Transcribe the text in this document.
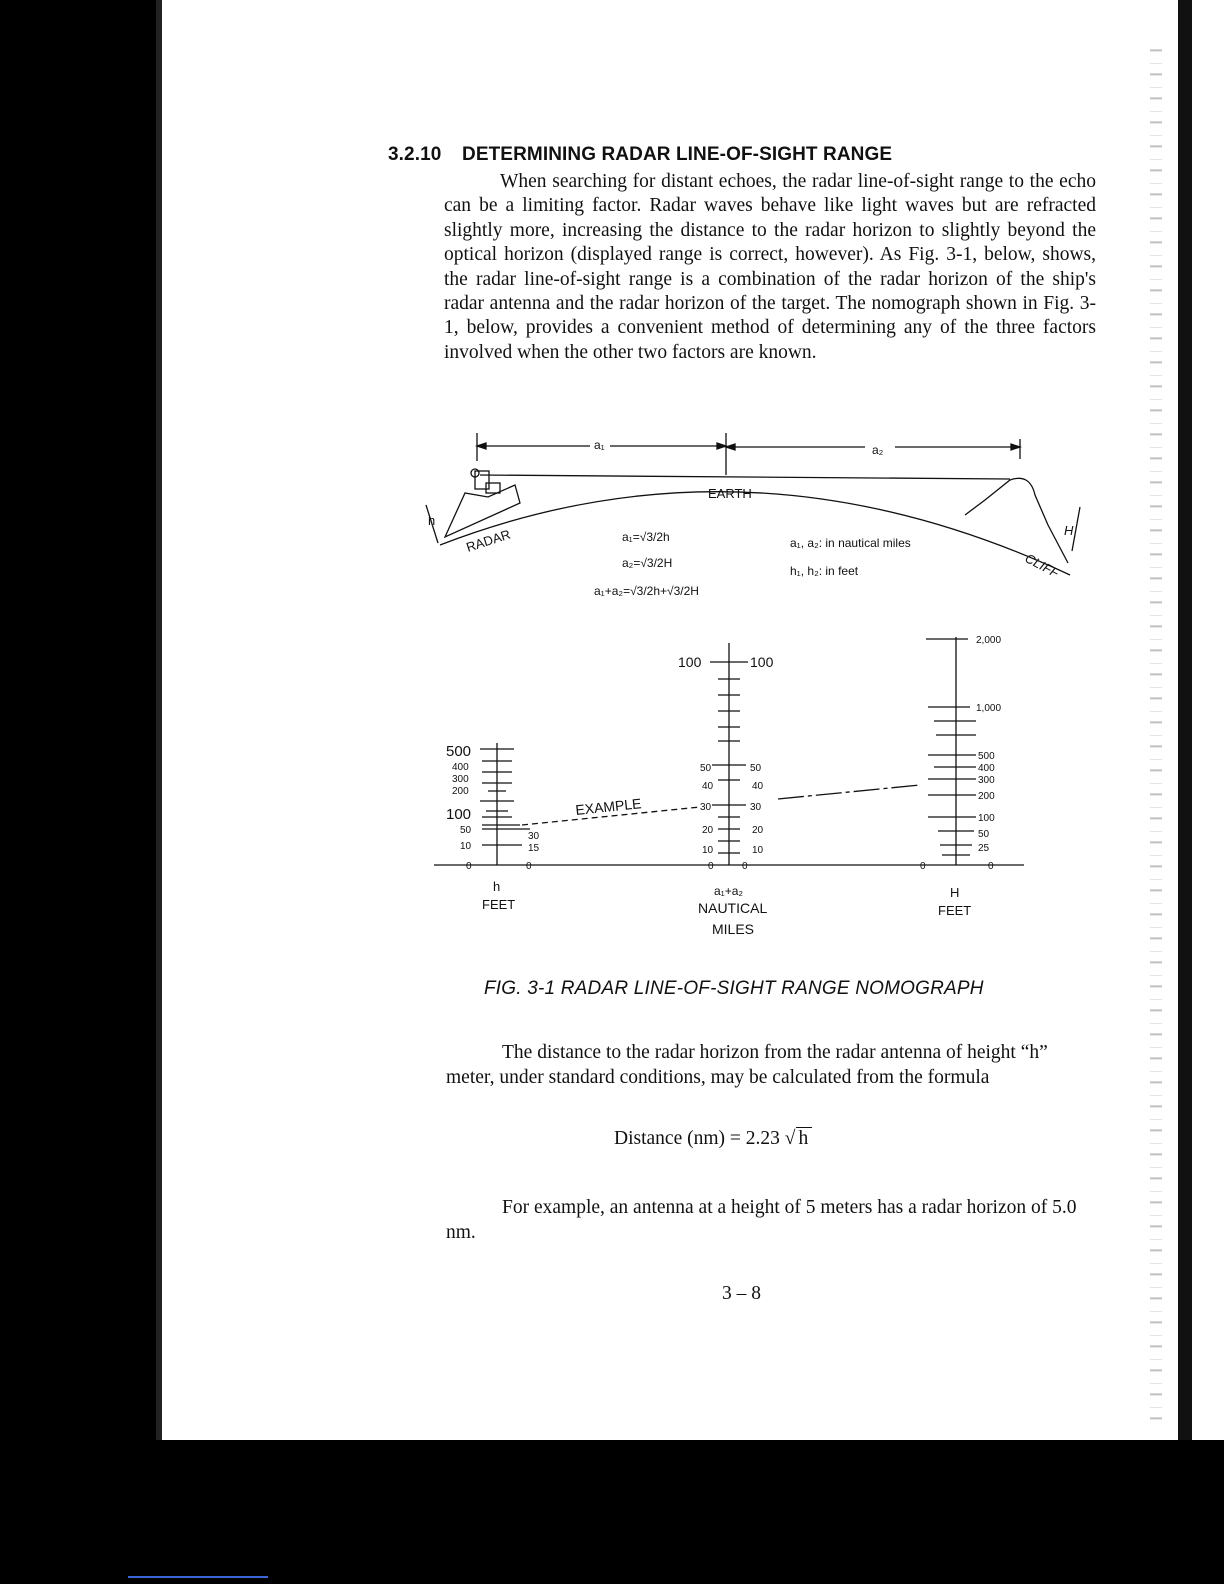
3.2.10 DETERMINING RADAR LINE-OF-SIGHT RANGE
When searching for distant echoes, the radar line-of-sight range to the echo can be a limiting factor. Radar waves behave like light waves but are refracted slightly more, increasing the distance to the radar horizon to slightly beyond the optical horizon (displayed range is correct, however). As Fig. 3-1, below, shows, the radar line-of-sight range is a combination of the radar horizon of the ship's radar antenna and the radar horizon of the target. The nomograph shown in Fig. 3-1, below, provides a convenient method of determining any of the three factors involved when the other two factors are known.
a₁	a₂
EARTH
RADAR
CLIFF
h
H
a₁=√3/2h
a₂=√3/2H
a₁+a₂=√3/2h+√3/2H
a₁, a₂: in nautical miles
h₁, h₂: in feet
500
400
300
200
100
50
10
0
30
15
0
h
FEET
100	100
50
40
30
20
10
0
50
40
30
20
10
0
a₁+a₂
NAUTICAL
MILES
2,000
1,000
500
400
300
200
100
50
25
0
0
H
FEET
EXAMPLE
FIG. 3-1 RADAR LINE-OF-SIGHT RANGE NOMOGRAPH
The distance to the radar horizon from the radar antenna of height “h” meter, under standard conditions, may be calculated from the formula
Distance (nm) = 2.23 √ h
For example, an antenna at a height of 5 meters has a radar horizon of 5.0 nm.
3 – 8
